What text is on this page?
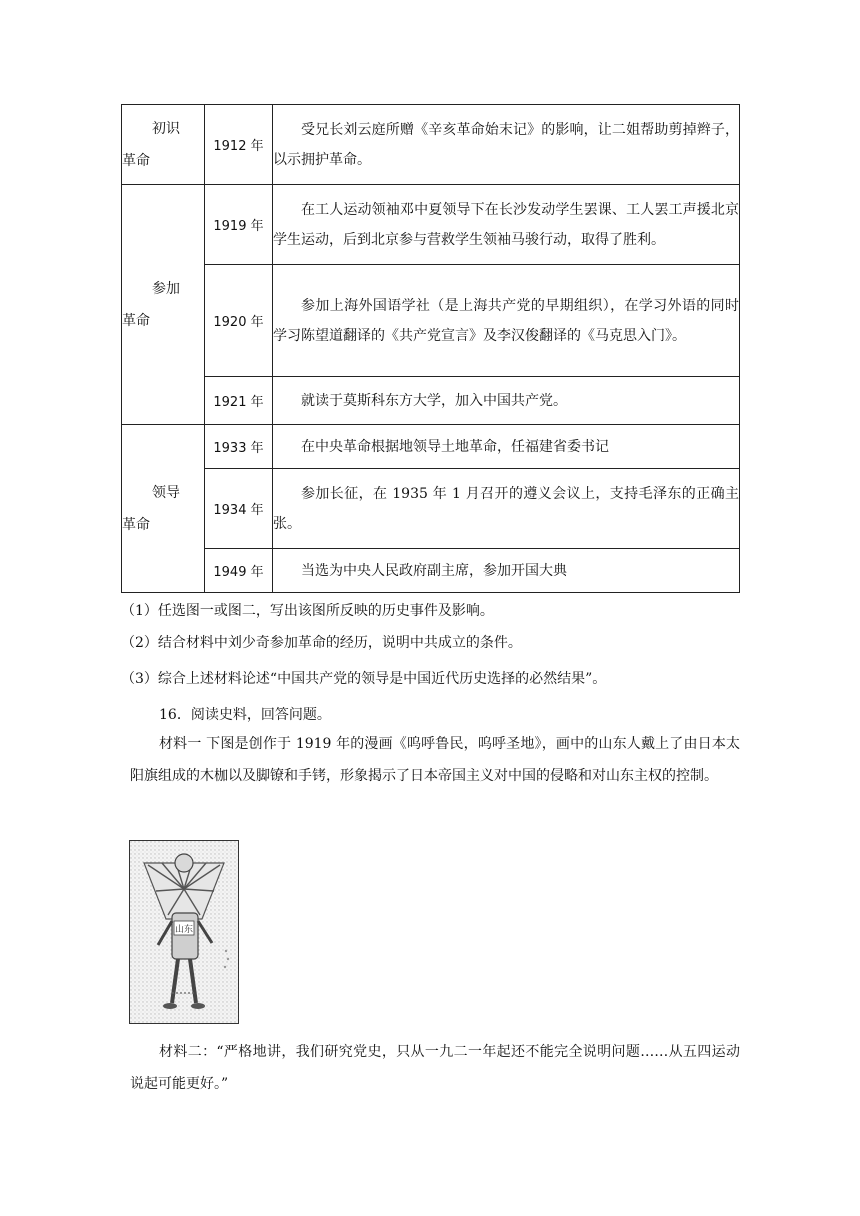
初识
革命	1912 年	受兄长刘云庭所赠《辛亥革命始末记》的影响，让二姐帮助剪掉辫子，以示拥护革命。

参加
革命	1919 年	在工人运动领袖邓中夏领导下在长沙发动学生罢课、工人罢工声援北京学生运动，后到北京参与营救学生领袖马骏行动，取得了胜利。
	1920 年	参加上海外国语学社（是上海共产党的早期组织），在学习外语的同时学习陈望道翻译的《共产党宣言》及李汉俊翻译的《马克思入门》。
	1921 年	就读于莫斯科东方大学，加入中国共产党。

领导
革命	1933 年	在中央革命根据地领导土地革命，任福建省委书记
	1934 年	参加长征，在 1935 年 1 月召开的遵义会议上，支持毛泽东的正确主张。
	1949 年	当选为中央人民政府副主席，参加开国大典
（1）任选图一或图二，写出该图所反映的历史事件及影响。
（2）结合材料中刘少奇参加革命的经历，说明中共成立的条件。
（3）综合上述材料论述“中国共产党的领导是中国近代历史选择的必然结果”。
16．阅读史料，回答问题。
材料一 下图是创作于 1919 年的漫画《呜呼鲁民，呜呼圣地》，画中的山东人戴上了由日本太阳旗组成的木枷以及脚镣和手铐，形象揭示了日本帝国主义对中国的侵略和对山东主权的控制。
山东
材料二：“严格地讲，我们研究党史，只从一九二一年起还不能完全说明问题……从五四运动说起可能更好。”
